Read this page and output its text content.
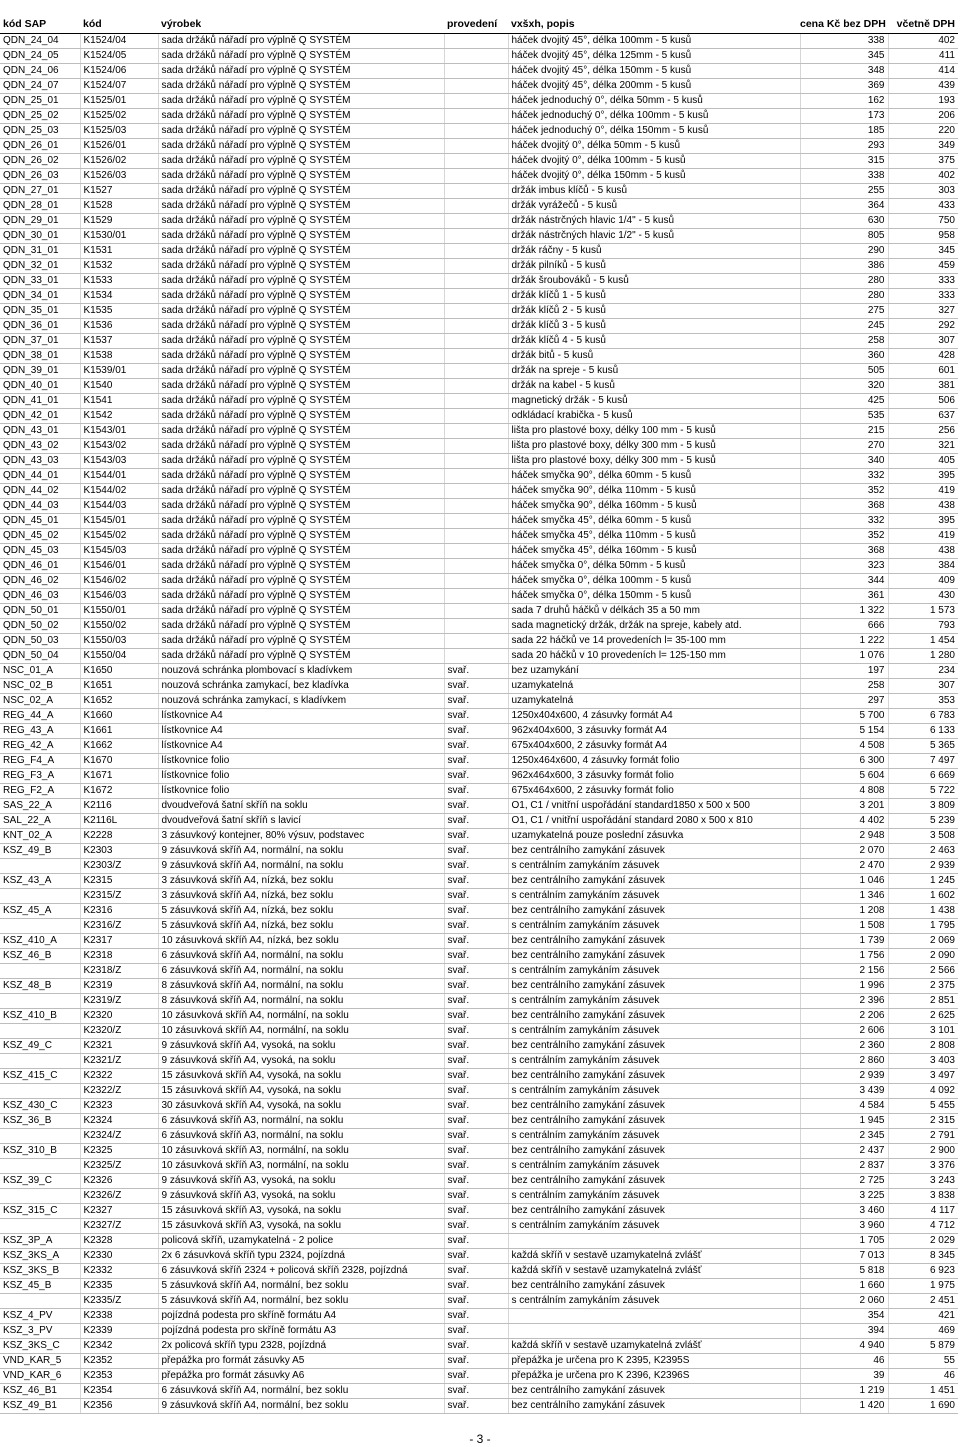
kód SAP	kód	výrobek	provedení	vxšxh, popis	cena Kč bez DPH	včetně DPH
QDN_24_04	K1524/04	sada držáků nářadí pro výplně Q SYSTÉM		háček dvojitý 45°, délka 100mm - 5 kusů	338	402
QDN_24_05	K1524/05	sada držáků nářadí pro výplně Q SYSTÉM		háček dvojitý 45°, délka 125mm - 5 kusů	345	411
QDN_24_06	K1524/06	sada držáků nářadí pro výplně Q SYSTÉM		háček dvojitý 45°, délka 150mm - 5 kusů	348	414
QDN_24_07	K1524/07	sada držáků nářadí pro výplně Q SYSTÉM		háček dvojitý 45°, délka 200mm - 5 kusů	369	439
QDN_25_01	K1525/01	sada držáků nářadí pro výplně Q SYSTÉM		háček jednoduchý 0°, délka 50mm - 5 kusů	162	193
QDN_25_02	K1525/02	sada držáků nářadí pro výplně Q SYSTÉM		háček jednoduchý 0°, délka 100mm - 5 kusů	173	206
QDN_25_03	K1525/03	sada držáků nářadí pro výplně Q SYSTÉM		háček jednoduchý 0°, délka 150mm - 5 kusů	185	220
QDN_26_01	K1526/01	sada držáků nářadí pro výplně Q SYSTÉM		háček dvojitý 0°, délka 50mm - 5 kusů	293	349
QDN_26_02	K1526/02	sada držáků nářadí pro výplně Q SYSTÉM		háček dvojitý 0°, délka 100mm - 5 kusů	315	375
QDN_26_03	K1526/03	sada držáků nářadí pro výplně Q SYSTÉM		háček dvojitý 0°, délka 150mm - 5 kusů	338	402
QDN_27_01	K1527	sada držáků nářadí pro výplně Q SYSTÉM		držák imbus klíčů - 5 kusů	255	303
QDN_28_01	K1528	sada držáků nářadí pro výplně Q SYSTÉM		držák vyrážečů - 5 kusů	364	433
QDN_29_01	K1529	sada držáků nářadí pro výplně Q SYSTÉM		držák nástrčných hlavic 1/4" - 5 kusů	630	750
QDN_30_01	K1530/01	sada držáků nářadí pro výplně Q SYSTÉM		držák nástrčných hlavic 1/2" - 5 kusů	805	958
QDN_31_01	K1531	sada držáků nářadí pro výplně Q SYSTÉM		držák ráčny - 5 kusů	290	345
QDN_32_01	K1532	sada držáků nářadí pro výplně Q SYSTÉM		držák pilníků - 5 kusů	386	459
QDN_33_01	K1533	sada držáků nářadí pro výplně Q SYSTÉM		držák šroubováků - 5 kusů	280	333
QDN_34_01	K1534	sada držáků nářadí pro výplně Q SYSTÉM		držák klíčů 1 - 5 kusů	280	333
QDN_35_01	K1535	sada držáků nářadí pro výplně Q SYSTÉM		držák klíčů 2 - 5 kusů	275	327
QDN_36_01	K1536	sada držáků nářadí pro výplně Q SYSTÉM		držák klíčů 3 - 5 kusů	245	292
QDN_37_01	K1537	sada držáků nářadí pro výplně Q SYSTÉM		držák klíčů 4 - 5 kusů	258	307
QDN_38_01	K1538	sada držáků nářadí pro výplně Q SYSTÉM		držák bitů - 5 kusů	360	428
QDN_39_01	K1539/01	sada držáků nářadí pro výplně Q SYSTÉM		držák na spreje - 5 kusů	505	601
QDN_40_01	K1540	sada držáků nářadí pro výplně Q SYSTÉM		držák na kabel - 5 kusů	320	381
QDN_41_01	K1541	sada držáků nářadí pro výplně Q SYSTÉM		magnetický držák - 5 kusů	425	506
QDN_42_01	K1542	sada držáků nářadí pro výplně Q SYSTÉM		odkládací krabička - 5 kusů	535	637
QDN_43_01	K1543/01	sada držáků nářadí pro výplně Q SYSTÉM		lišta pro plastové boxy, délky 100 mm - 5 kusů	215	256
QDN_43_02	K1543/02	sada držáků nářadí pro výplně Q SYSTÉM		lišta pro plastové boxy, délky 300 mm - 5 kusů	270	321
QDN_43_03	K1543/03	sada držáků nářadí pro výplně Q SYSTÉM		lišta pro plastové boxy, délky 300 mm - 5 kusů	340	405
QDN_44_01	K1544/01	sada držáků nářadí pro výplně Q SYSTÉM		háček smyčka 90°, délka 60mm - 5 kusů	332	395
QDN_44_02	K1544/02	sada držáků nářadí pro výplně Q SYSTÉM		háček smyčka 90°, délka 110mm - 5 kusů	352	419
QDN_44_03	K1544/03	sada držáků nářadí pro výplně Q SYSTÉM		háček smyčka 90°, délka 160mm - 5 kusů	368	438
QDN_45_01	K1545/01	sada držáků nářadí pro výplně Q SYSTÉM		háček smyčka 45°, délka 60mm - 5 kusů	332	395
QDN_45_02	K1545/02	sada držáků nářadí pro výplně Q SYSTÉM		háček smyčka 45°, délka 110mm - 5 kusů	352	419
QDN_45_03	K1545/03	sada držáků nářadí pro výplně Q SYSTÉM		háček smyčka 45°, délka 160mm - 5 kusů	368	438
QDN_46_01	K1546/01	sada držáků nářadí pro výplně Q SYSTÉM		háček smyčka 0°, délka 50mm - 5 kusů	323	384
QDN_46_02	K1546/02	sada držáků nářadí pro výplně Q SYSTÉM		háček smyčka 0°, délka 100mm - 5 kusů	344	409
QDN_46_03	K1546/03	sada držáků nářadí pro výplně Q SYSTÉM		háček smyčka 0°, délka 150mm - 5 kusů	361	430
QDN_50_01	K1550/01	sada držáků nářadí pro výplně Q SYSTÉM		sada 7 druhů háčků v délkách 35 a 50 mm	1 322	1 573
QDN_50_02	K1550/02	sada držáků nářadí pro výplně Q SYSTÉM		sada magnetický držák, držák na spreje, kabely atd.	666	793
QDN_50_03	K1550/03	sada držáků nářadí pro výplně Q SYSTÉM		sada 22 háčků ve 14 provedeních l= 35-100 mm	1 222	1 454
QDN_50_04	K1550/04	sada držáků nářadí pro výplně Q SYSTÉM		sada 20 háčků v 10 provedeních l= 125-150 mm	1 076	1 280
NSC_01_A	K1650	nouzová schránka plombovací s kladívkem	svař.	bez uzamykání	197	234
NSC_02_B	K1651	nouzová schránka zamykací, bez kladívka	svař.	uzamykatelná	258	307
NSC_02_A	K1652	nouzová schránka zamykací, s kladívkem	svař.	uzamykatelná	297	353
REG_44_A	K1660	lístkovnice A4	svař.	1250x404x600, 4 zásuvky formát A4	5 700	6 783
REG_43_A	K1661	lístkovnice A4	svař.	962x404x600, 3 zásuvky formát A4	5 154	6 133
REG_42_A	K1662	lístkovnice A4	svař.	675x404x600, 2 zásuvky formát A4	4 508	5 365
REG_F4_A	K1670	lístkovnice folio	svař.	1250x464x600, 4 zásuvky formát folio	6 300	7 497
REG_F3_A	K1671	lístkovnice folio	svař.	962x464x600, 3 zásuvky formát folio	5 604	6 669
REG_F2_A	K1672	lístkovnice folio	svař.	675x464x600, 2 zásuvky formát folio	4 808	5 722
SAS_22_A	K2116	dvoudveřová šatní skříň na soklu	svař.	O1, C1 / vnitřní uspořádání standard1850 x 500 x 500	3 201	3 809
SAL_22_A	K2116L	dvoudveřová šatní skříň s lavicí	svař.	O1, C1 / vnitřní uspořádání standard 2080 x 500 x 810	4 402	5 239
KNT_02_A	K2228	3 zásuvkový kontejner, 80% výsuv, podstavec	svař.	uzamykatelná pouze poslední zásuvka	2 948	3 508
KSZ_49_B	K2303	9 zásuvková skříň A4, normální, na soklu	svař.	bez centrálního zamykání zásuvek	2 070	2 463
	K2303/Z	9 zásuvková skříň A4, normální, na soklu	svař.	s centrálním zamykáním zásuvek	2 470	2 939
KSZ_43_A	K2315	3 zásuvková skříň A4, nízká, bez soklu	svař.	bez centrálního zamykání zásuvek	1 046	1 245
	K2315/Z	3 zásuvková skříň A4, nízká, bez soklu	svař.	s centrálním zamykáním zásuvek	1 346	1 602
KSZ_45_A	K2316	5 zásuvková skříň A4, nízká, bez soklu	svař.	bez centrálního zamykání zásuvek	1 208	1 438
	K2316/Z	5 zásuvková skříň A4, nízká, bez soklu	svař.	s centrálním zamykáním zásuvek	1 508	1 795
KSZ_410_A	K2317	10 zásuvková skříň A4, nízká, bez soklu	svař.	bez centrálního zamykání zásuvek	1 739	2 069
KSZ_46_B	K2318	6 zásuvková skříň A4, normální, na soklu	svař.	bez centrálního zamykání zásuvek	1 756	2 090
	K2318/Z	6 zásuvková skříň A4, normální, na soklu	svař.	s centrálním zamykáním zásuvek	2 156	2 566
KSZ_48_B	K2319	8 zásuvková skříň A4, normální, na soklu	svař.	bez centrálního zamykání zásuvek	1 996	2 375
	K2319/Z	8 zásuvková skříň A4, normální, na soklu	svař.	s centrálním zamykáním zásuvek	2 396	2 851
KSZ_410_B	K2320	10 zásuvková skříň A4, normální, na soklu	svař.	bez centrálního zamykání zásuvek	2 206	2 625
	K2320/Z	10 zásuvková skříň A4, normální, na soklu	svař.	s centrálním zamykáním zásuvek	2 606	3 101
KSZ_49_C	K2321	9 zásuvková skříň A4, vysoká, na soklu	svař.	bez centrálního zamykání zásuvek	2 360	2 808
	K2321/Z	9 zásuvková skříň A4, vysoká, na soklu	svař.	s centrálním zamykáním zásuvek	2 860	3 403
KSZ_415_C	K2322	15 zásuvková skříň A4, vysoká, na soklu	svař.	bez centrálního zamykání zásuvek	2 939	3 497
	K2322/Z	15 zásuvková skříň A4, vysoká, na soklu	svař.	s centrálním zamykáním zásuvek	3 439	4 092
KSZ_430_C	K2323	30 zásuvková skříň A4, vysoká, na soklu	svař.	bez centrálního zamykání zásuvek	4 584	5 455
KSZ_36_B	K2324	6 zásuvková skříň A3, normální, na soklu	svař.	bez centrálního zamykání zásuvek	1 945	2 315
	K2324/Z	6 zásuvková skříň A3, normální, na soklu	svař.	s centrálním zamykáním zásuvek	2 345	2 791
KSZ_310_B	K2325	10 zásuvková skříň A3, normální, na soklu	svař.	bez centrálního zamykání zásuvek	2 437	2 900
	K2325/Z	10 zásuvková skříň A3, normální, na soklu	svař.	s centrálním zamykáním zásuvek	2 837	3 376
KSZ_39_C	K2326	9 zásuvková skříň A3, vysoká, na soklu	svař.	bez centrálního zamykání zásuvek	2 725	3 243
	K2326/Z	9 zásuvková skříň A3, vysoká, na soklu	svař.	s centrálním zamykáním zásuvek	3 225	3 838
KSZ_315_C	K2327	15 zásuvková skříň A3, vysoká, na soklu	svař.	bez centrálního zamykání zásuvek	3 460	4 117
	K2327/Z	15 zásuvková skříň A3, vysoká, na soklu	svař.	s centrálním zamykáním zásuvek	3 960	4 712
KSZ_3P_A	K2328	policová skříň, uzamykatelná - 2 police	svař.		1 705	2 029
KSZ_3KS_A	K2330	2x 6 zásuvková skříň typu 2324, pojízdná	svař.	každá skříň v sestavě uzamykatelná zvlášť	7 013	8 345
KSZ_3KS_B	K2332	6 zásuvková skříň 2324 + policová skříň 2328, pojízdná	svař.	každá skříň v sestavě uzamykatelná zvlášť	5 818	6 923
KSZ_45_B	K2335	5 zásuvková skříň A4, normální, bez soklu	svař.	bez centrálního zamykání zásuvek	1 660	1 975
	K2335/Z	5 zásuvková skříň A4, normální, bez soklu	svař.	s centrálním zamykáním zásuvek	2 060	2 451
KSZ_4_PV	K2338	pojízdná podesta pro skříně formátu A4	svař.		354	421
KSZ_3_PV	K2339	pojízdná podesta pro skříně formátu A3	svař.		394	469
KSZ_3KS_C	K2342	2x policová skříň typu 2328, pojízdná	svař.	každá skříň v sestavě uzamykatelná zvlášť	4 940	5 879
VND_KAR_5	K2352	přepážka pro formát zásuvky A5	svař.	přepážka je určena pro K 2395, K2395S	46	55
VND_KAR_6	K2353	přepážka pro formát zásuvky A6	svař.	přepážka je určena pro K 2396, K2396S	39	46
KSZ_46_B1	K2354	6 zásuvková skříň A4, normální, bez soklu	svař.	bez centrálního zamykání zásuvek	1 219	1 451
KSZ_49_B1	K2356	9 zásuvková skříň A4, normální, bez soklu	svař.	bez centrálního zamykání zásuvek	1 420	1 690
- 3 -
